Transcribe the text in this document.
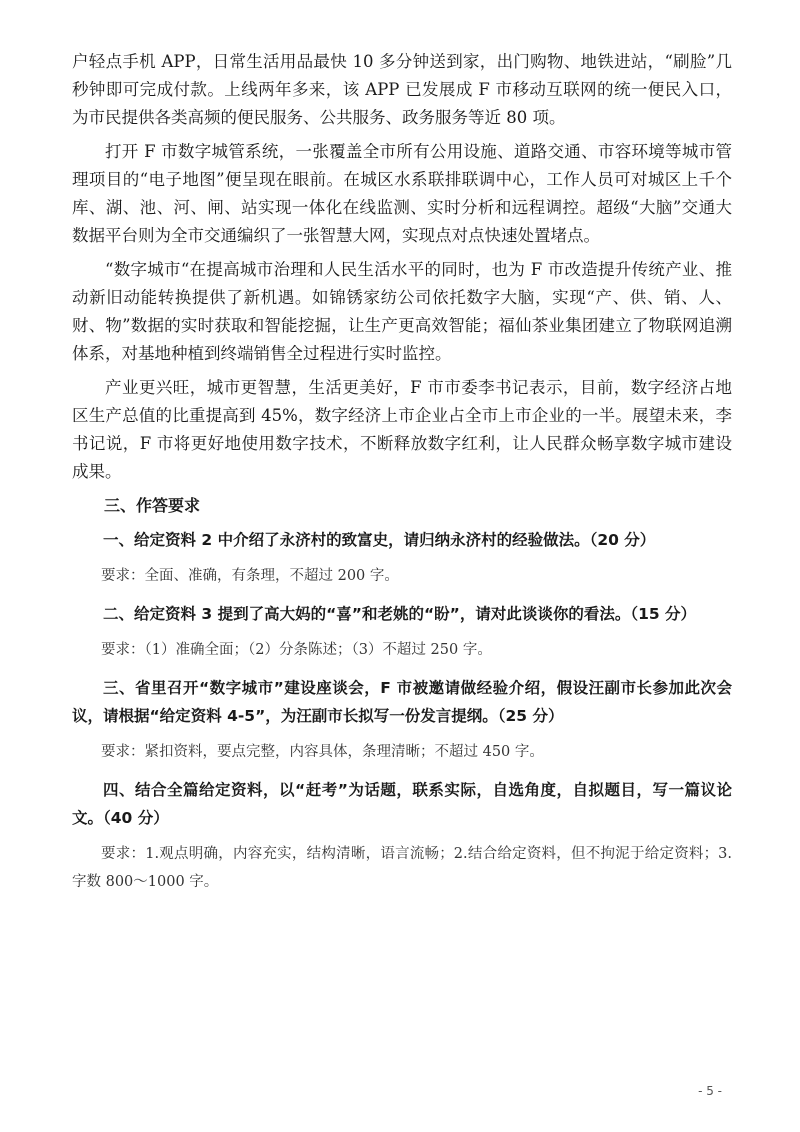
户轻点手机 APP，日常生活用品最快 10 多分钟送到家，出门购物、地铁进站，“刷脸”几秒钟即可完成付款。上线两年多来，该 APP 已发展成 F 市移动互联网的统一便民入口，为市民提供各类高频的便民服务、公共服务、政务服务等近 80 项。

打开 F 市数字城管系统，一张覆盖全市所有公用设施、道路交通、市容环境等城市管理项目的“电子地图”便呈现在眼前。在城区水系联排联调中心，工作人员可对城区上千个库、湖、池、河、闸、站实现一体化在线监测、实时分析和远程调控。超级“大脑”交通大数据平台则为全市交通编织了一张智慧大网，实现点对点快速处置堵点。

“数字城市“在提高城市治理和人民生活水平的同时，也为 F 市改造提升传统产业、推动新旧动能转换提供了新机遇。如锦锈家纺公司依托数字大脑，实现“产、供、销、人、财、物”数据的实时获取和智能挖掘，让生产更高效智能；福仙茶业集团建立了物联网追溯体系，对基地种植到终端销售全过程进行实时监控。

产业更兴旺，城市更智慧，生活更美好，F 市市委李书记表示，目前，数字经济占地区生产总值的比重提高到 45%，数字经济上市企业占全市上市企业的一半。展望未来，李书记说，F 市将更好地使用数字技术，不断释放数字红利，让人民群众畅享数字城市建设成果。

三、作答要求
一、给定资料 2 中介绍了永济村的致富史，请归纳永济村的经验做法。（20 分）
要求：全面、准确，有条理，不超过 200 字。
二、给定资料 3 提到了高大妈的“喜”和老姚的“盼”，请对此谈谈你的看法。（15 分）
要求：（1）准确全面；（2）分条陈述；（3）不超过 250 字。
三、省里召开“数字城市”建设座谈会，F 市被邀请做经验介绍，假设汪副市长参加此次会议，请根据“给定资料 4-5”，为汪副市长拟写一份发言提纲。（25 分）
要求：紧扣资料，要点完整，内容具体，条理清晰；不超过 450 字。
四、结合全篇给定资料，以“赶考”为话题，联系实际，自选角度，自拟题目，写一篇议论文。（40 分）
要求：1.观点明确，内容充实，结构清晰，语言流畅；2.结合给定资料，但不拘泥于给定资料；3.字数 800～1000 字。
- 5 -
